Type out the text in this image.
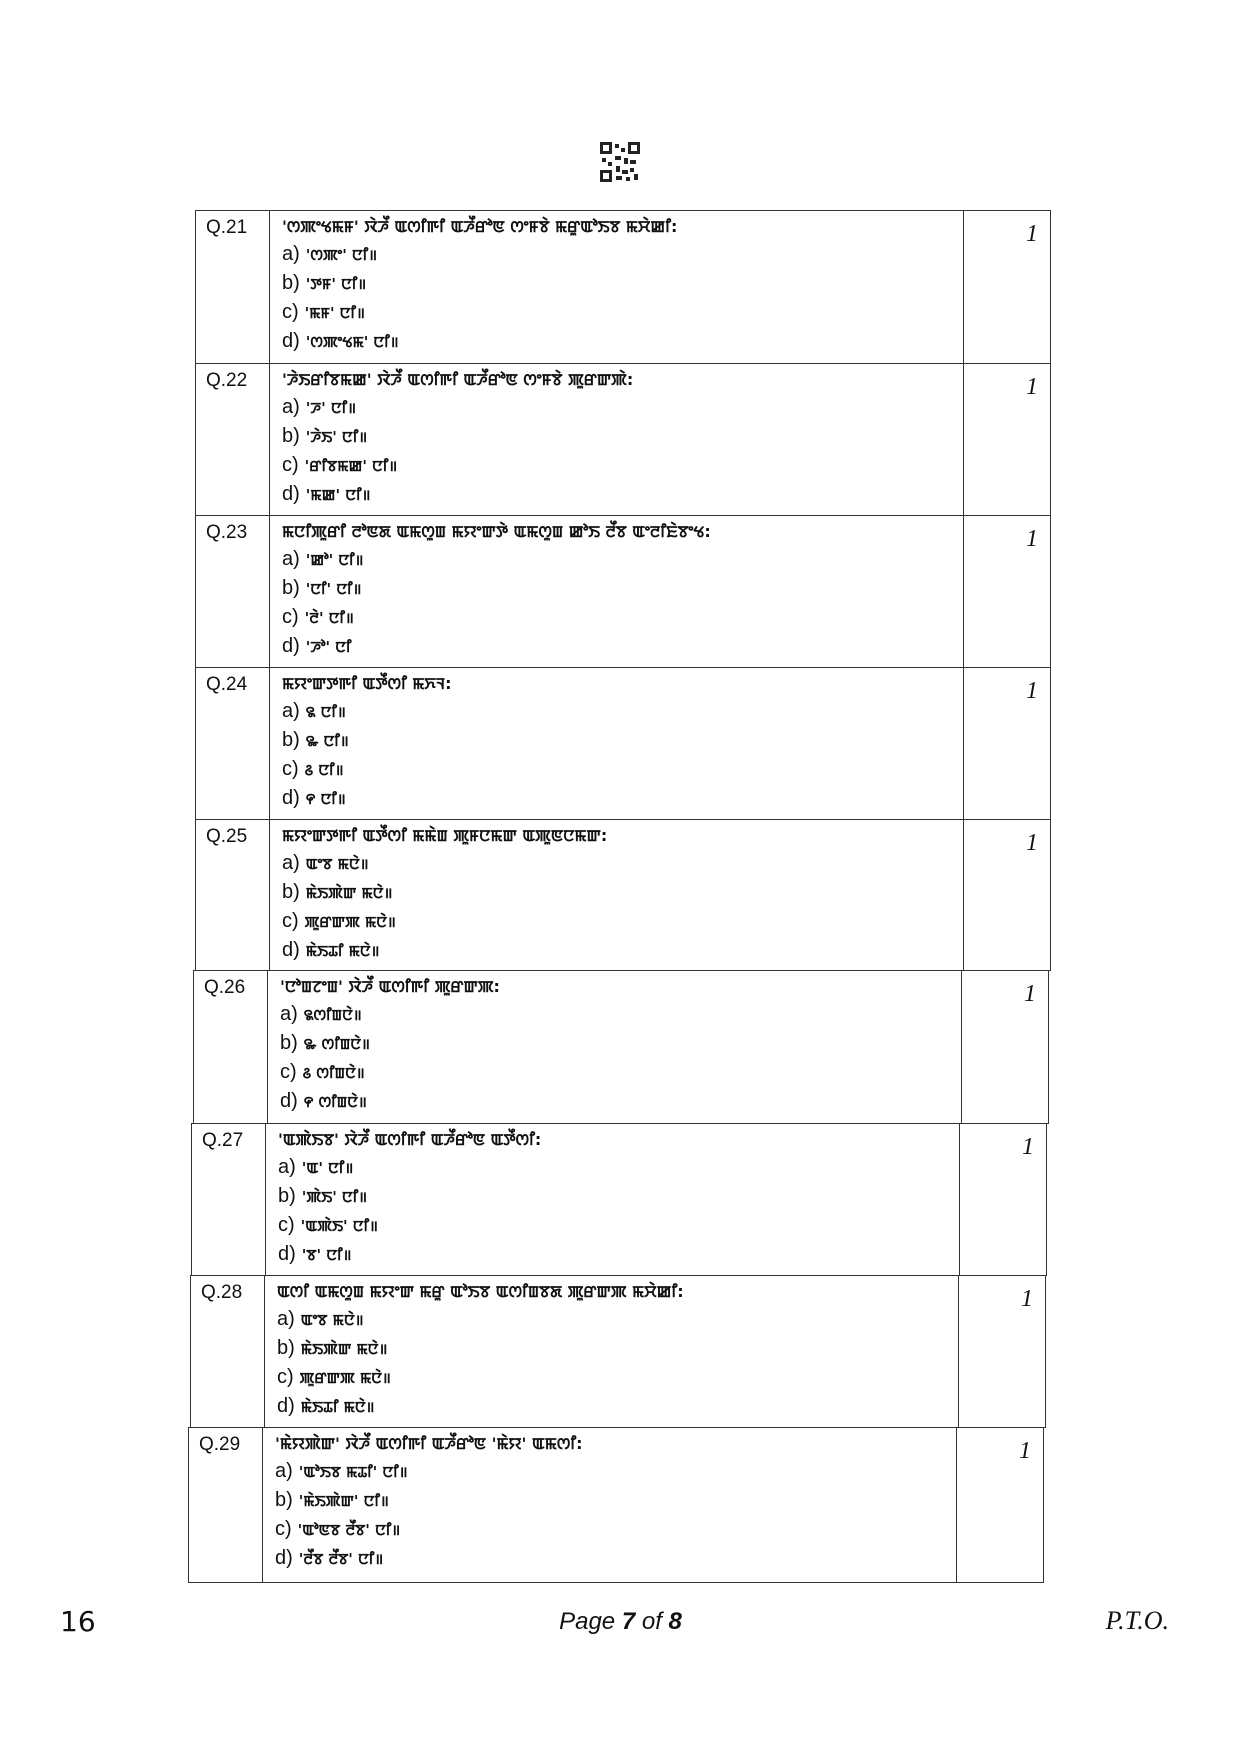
16	Page 7 of 8	P.T.O.
Q.21	'ꯁꯄꯦꯠꯃꯝ' ꯋꯥꯍꯩ ꯑꯁꯤꯒꯤ ꯑꯍꯩꯔꯣꯟ ꯁꯦꯝꯕꯥ ꯃꯔꯨꯑꯣꯏꯕ ꯃꯆꯥꯀꯤ:
a) 'ꯁꯄꯦ' ꯅꯤ॥
b) 'ꯇꯝ' ꯅꯤ॥
c) 'ꯃꯝ' ꯅꯤ॥
d) 'ꯁꯄꯦꯠꯃ' ꯅꯤ॥
1
Q.22	'ꯍꯥꯏꯔꯤꯕꯃꯀ' ꯋꯥꯍꯩ ꯑꯁꯤꯒꯤ ꯑꯍꯩꯔꯣꯟ ꯁꯦꯝꯕꯥ ꯄꯨꯔꯛꯄꯥ:
a) 'ꯍ' ꯅꯤ॥
b) 'ꯍꯥꯏ' ꯅꯤ॥
c) 'ꯔꯤꯕꯃꯀ' ꯅꯤ॥
d) 'ꯃꯀ' ꯅꯤ॥
1
Q.23	ꯃꯅꯤꯄꯨꯔꯤ ꯂꯣꯟꯗ ꯑꯃꯁꯨꯡ ꯃꯌꯦꯛꯇꯥ ꯑꯃꯁꯨꯡ ꯀꯣꯏ ꯂꯩꯕ ꯑꯦꯂꯤꯐꯥꯕꯦꯠ:
a) 'ꯀꯣ' ꯅꯤ॥
b) 'ꯅꯤ' ꯅꯤ॥
c) 'ꯂꯥ' ꯅꯤ॥
d) 'ꯍꯣ' ꯅꯤ
1
Q.24	ꯃꯌꯦꯛꯇꯒꯤ ꯑꯇꯩꯁꯤ ꯃꯈꯜ:
a) ꯲ ꯅꯤ॥
b) ꯳ ꯅꯤ॥
c) ꯴ ꯅꯤ॥
d) ꯵ ꯅꯤ॥
1
Q.25	ꯃꯌꯦꯛꯇꯒꯤ ꯑꯇꯩꯁꯤ ꯃꯃꯥꯡ ꯄꯨꯝꯅꯃꯛ ꯑꯄꯨꯟꯅꯃꯛ:
a) ꯑꯦꯕ ꯃꯅꯥ॥
b) ꯃꯥꯏꯄꯥꯛ ꯃꯅꯥ॥
c) ꯄꯨꯔꯛꯄ ꯃꯅꯥ॥
d) ꯃꯥꯏꯊꯤ ꯃꯅꯥ॥
1
Q.26	'ꯅꯣꯡꯖꯦꯡ' ꯋꯥꯍꯩ ꯑꯁꯤꯒꯤ ꯄꯨꯔꯛꯄ:
a) ꯲ꯁꯤꯡꯅꯥ॥
b) ꯳ ꯁꯤꯡꯅꯥ॥
c) ꯴ ꯁꯤꯡꯅꯥ॥
d) ꯵ ꯁꯤꯡꯅꯥ॥
1
Q.27	'ꯑꯄꯥꯏꯕ' ꯋꯥꯍꯩ ꯑꯁꯤꯒꯤ ꯑꯍꯩꯔꯣꯟ ꯑꯇꯩꯁꯤ:
a) 'ꯑ' ꯅꯤ॥
b) 'ꯄꯥꯏ' ꯅꯤ॥
c) 'ꯑꯄꯥꯏ' ꯅꯤ॥
d) 'ꯕ' ꯅꯤ॥
1
Q.28	ꯑꯁꯤ ꯑꯃꯁꯨꯡ ꯃꯌꯦꯛ ꯃꯔꯨ ꯑꯣꯏꯕ ꯑꯁꯤꯡꯕꯗ ꯄꯨꯔꯛꯄ ꯃꯆꯥꯀꯤ:
a) ꯑꯦꯕ ꯃꯅꯥ॥
b) ꯃꯥꯏꯄꯥꯛ ꯃꯅꯥ॥
c) ꯄꯨꯔꯛꯄ ꯃꯅꯥ॥
d) ꯃꯥꯏꯊꯤ ꯃꯅꯥ॥
1
Q.29	'ꯃꯥꯌꯄꯥꯛ' ꯋꯥꯍꯩ ꯑꯁꯤꯒꯤ ꯑꯍꯩꯔꯣꯟ 'ꯃꯥꯌ' ꯑꯃꯁꯤ:
a) 'ꯑꯣꯏꯕ ꯃꯊꯤ' ꯅꯤ॥
b) 'ꯃꯥꯏꯄꯥꯛ' ꯅꯤ॥
c) 'ꯑꯣꯟꯕ ꯂꯩꯕ' ꯅꯤ॥
d) 'ꯂꯩꯕ ꯂꯩꯕ' ꯅꯤ॥
1
